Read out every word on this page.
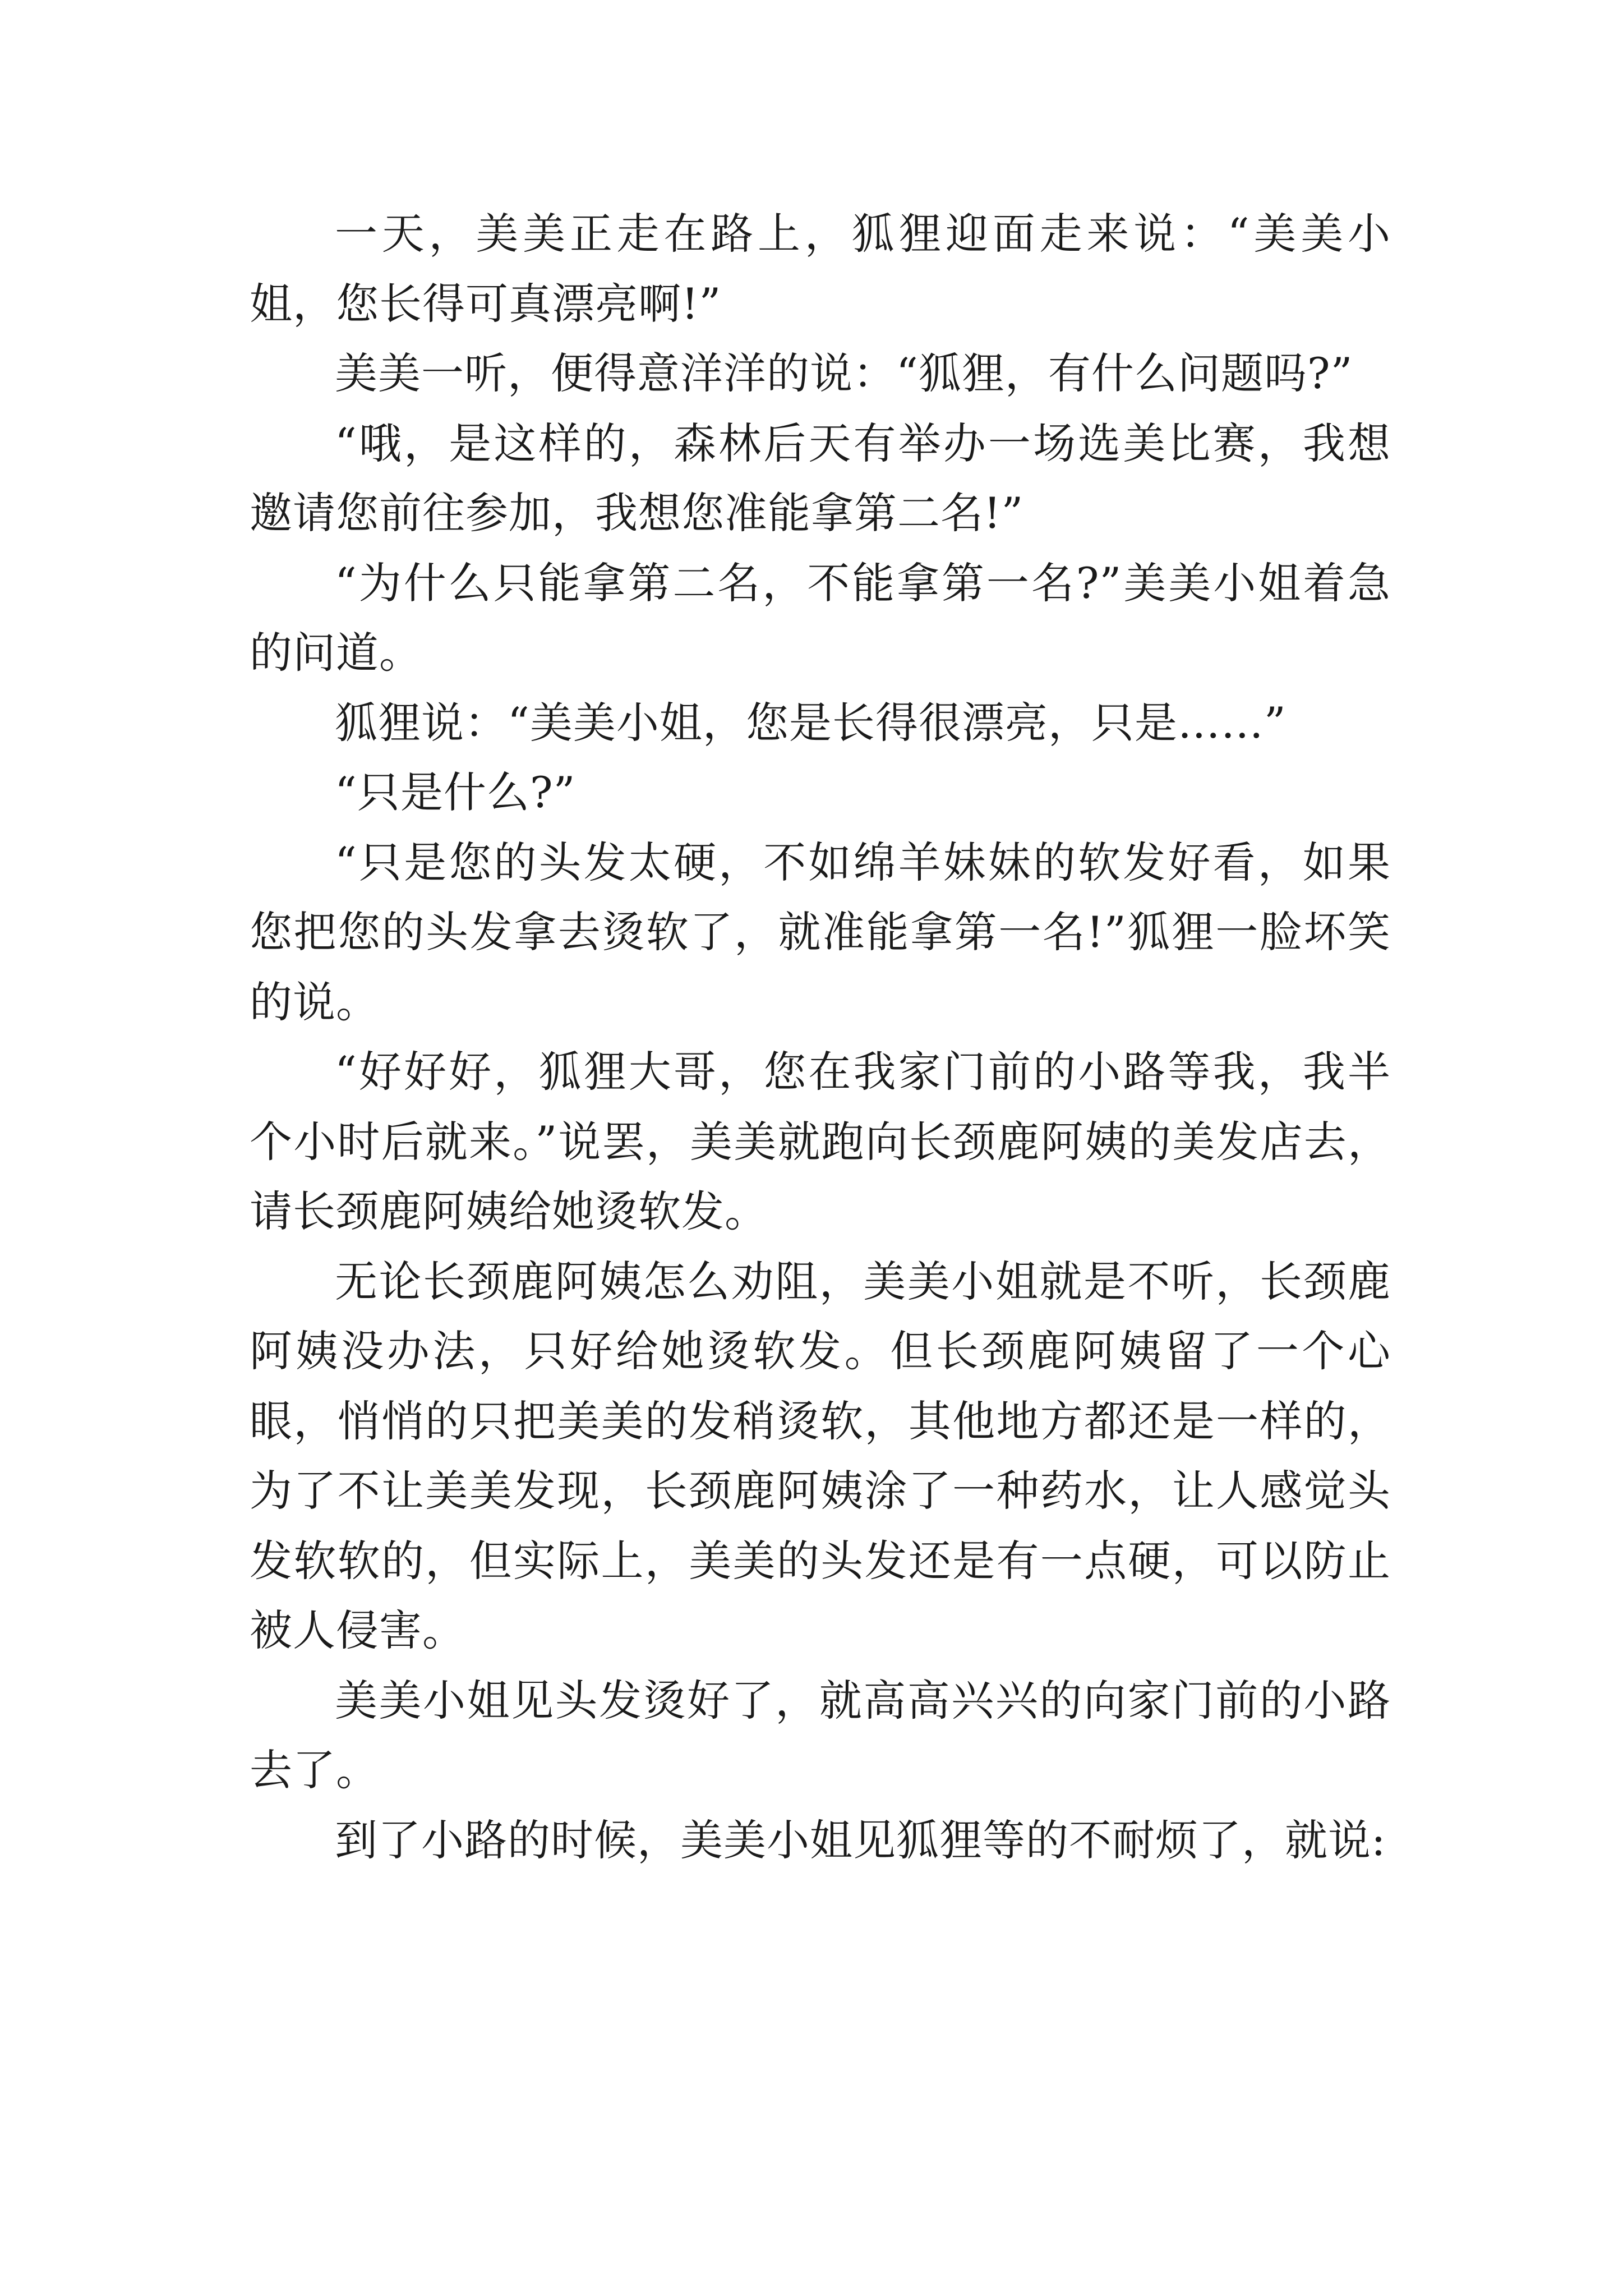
一天，美美正走在路上，狐狸迎面走来说：“美美小姐，您长得可真漂亮啊!”

美美一听，便得意洋洋的说：“狐狸，有什么问题吗?”

“哦，是这样的，森林后天有举办一场选美比赛，我想邀请您前往参加，我想您准能拿第二名!”

“为什么只能拿第二名，不能拿第一名?”美美小姐着急的问道。

狐狸说：“美美小姐，您是长得很漂亮，只是……”

“只是什么?”

“只是您的头发太硬，不如绵羊妹妹的软发好看，如果您把您的头发拿去烫软了，就准能拿第一名!”狐狸一脸坏笑的说。

“好好好，狐狸大哥，您在我家门前的小路等我，我半个小时后就来。”说罢，美美就跑向长颈鹿阿姨的美发店去，请长颈鹿阿姨给她烫软发。

无论长颈鹿阿姨怎么劝阻，美美小姐就是不听，长颈鹿阿姨没办法，只好给她烫软发。但长颈鹿阿姨留了一个心眼，悄悄的只把美美的发稍烫软，其他地方都还是一样的，为了不让美美发现，长颈鹿阿姨涂了一种药水，让人感觉头发软软的，但实际上，美美的头发还是有一点硬，可以防止被人侵害。

美美小姐见头发烫好了，就高高兴兴的向家门前的小路去了。

到了小路的时候，美美小姐见狐狸等的不耐烦了，就说:
